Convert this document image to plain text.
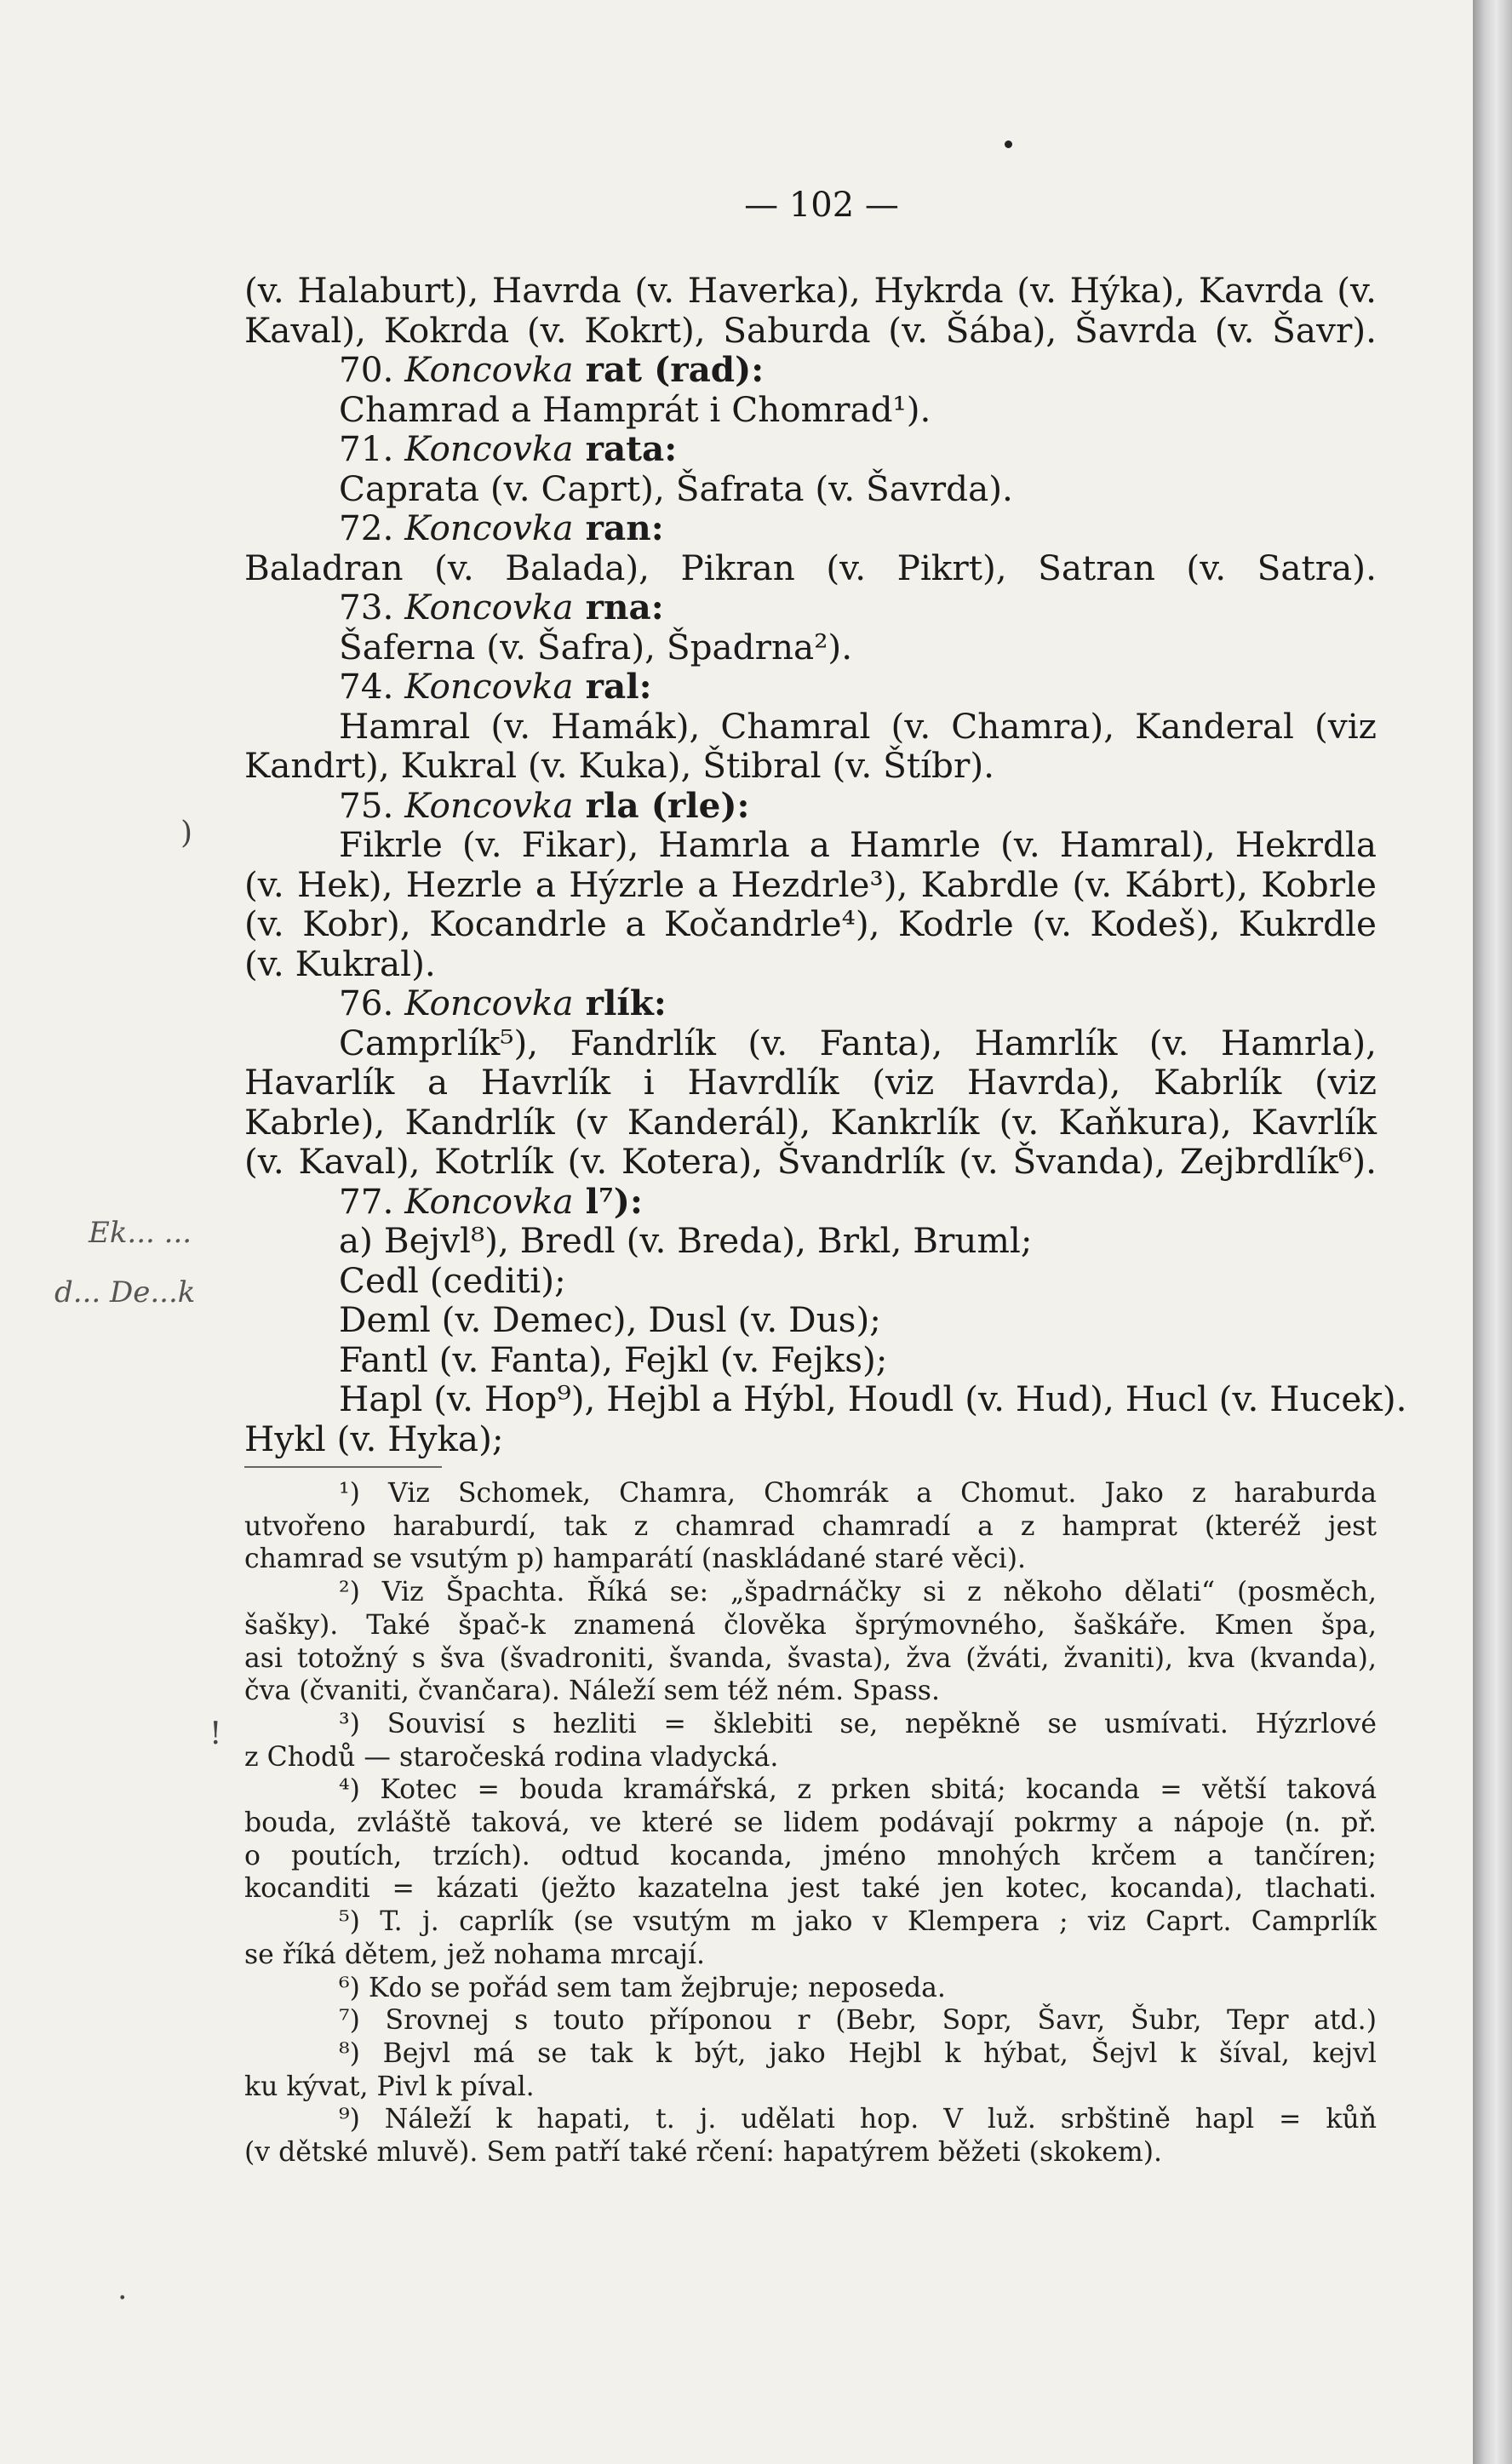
— 102 —
(v. Halaburt), Havrda (v. Haverka), Hykrda (v. Hýka), Kavrda (v.
Kaval), Kokrda (v. Kokrt), Saburda (v. Šába), Šavrda (v. Šavr).
70. Koncovka rat (rad):
Chamrad a Hamprát i Chomrad¹).
71. Koncovka rata:
Caprata (v. Caprt), Šafrata (v. Šavrda).
72. Koncovka ran:
Baladran (v. Balada), Pikran (v. Pikrt), Satran (v. Satra).
73. Koncovka rna:
Šaferna (v. Šafra), Špadrna²).
74. Koncovka ral:
Hamral (v. Hamák), Chamral (v. Chamra), Kanderal (viz
Kandrt), Kukral (v. Kuka), Štibral (v. Štíbr).
75. Koncovka rla (rle):
Fikrle (v. Fikar), Hamrla a Hamrle (v. Hamral), Hekrdla
(v. Hek), Hezrle a Hýzrle a Hezdrle³), Kabrdle (v. Kábrt), Kobrle
(v. Kobr), Kocandrle a Kočandrle⁴), Kodrle (v. Kodeš), Kukrdle
(v. Kukral).
76. Koncovka rlík:
Camprlík⁵), Fandrlík (v. Fanta), Hamrlík (v. Hamrla),
Havarlík a Havrlík i Havrdlík (viz Havrda), Kabrlík (viz
Kabrle), Kandrlík (v Kanderál), Kankrlík (v. Kaňkura), Kavrlík
(v. Kaval), Kotrlík (v. Kotera), Švandrlík (v. Švanda), Zejbrdlík⁶).
77. Koncovka l⁷):
a) Bejvl⁸), Bredl (v. Breda), Brkl, Bruml;
Cedl (cediti);
Deml (v. Demec), Dusl (v. Dus);
Fantl (v. Fanta), Fejkl (v. Fejks);
Hapl (v. Hop⁹), Hejbl a Hýbl, Houdl (v. Hud), Hucl (v. Hucek).
Hykl (v. Hyka);
¹) Viz Schomek, Chamra, Chomrák a Chomut. Jako z haraburda
utvořeno haraburdí, tak z chamrad chamradí a z hamprat (kteréž jest
chamrad se vsutým p) hamparátí (naskládané staré věci).
²) Viz Špachta. Říká se: „špadrnáčky si z někoho dělati“ (posměch,
šašky). Také špač-k znamená člověka šprýmovného, šaškáře. Kmen špa,
asi totožný s šva (švadroniti, švanda, švasta), žva (žváti, žvaniti), kva (kvanda),
čva (čvaniti, čvančara). Náleží sem též ném. Spass.
³) Souvisí s hezliti = šklebiti se, nepěkně se usmívati. Hýzrlové
z Chodů — staročeská rodina vladycká.
⁴) Kotec = bouda kramářská, z prken sbitá; kocanda = větší taková
bouda, zvláště taková, ve které se lidem podávají pokrmy a nápoje (n. př.
o poutích, trzích). odtud kocanda, jméno mnohých krčem a tančíren;
kocanditi = kázati (ježto kazatelna jest také jen kotec, kocanda), tlachati.
⁵) T. j. caprlík (se vsutým m jako v Klempera ; viz Caprt. Camprlík
se říká dětem, jež nohama mrcají.
⁶) Kdo se pořád sem tam žejbruje; neposeda.
⁷) Srovnej s touto příponou r (Bebr, Sopr, Šavr, Šubr, Tepr atd.)
⁸) Bejvl má se tak k být, jako Hejbl k hýbat, Šejvl k šíval, kejvl
ku kývat, Pivl k píval.
⁹) Náleží k hapati, t. j. udělati hop. V luž. srbštině hapl = kůň
(v dětské mluvě). Sem patří také rčení: hapatýrem běžeti (skokem).
Ek... ...
d... De...k
)
!
.
